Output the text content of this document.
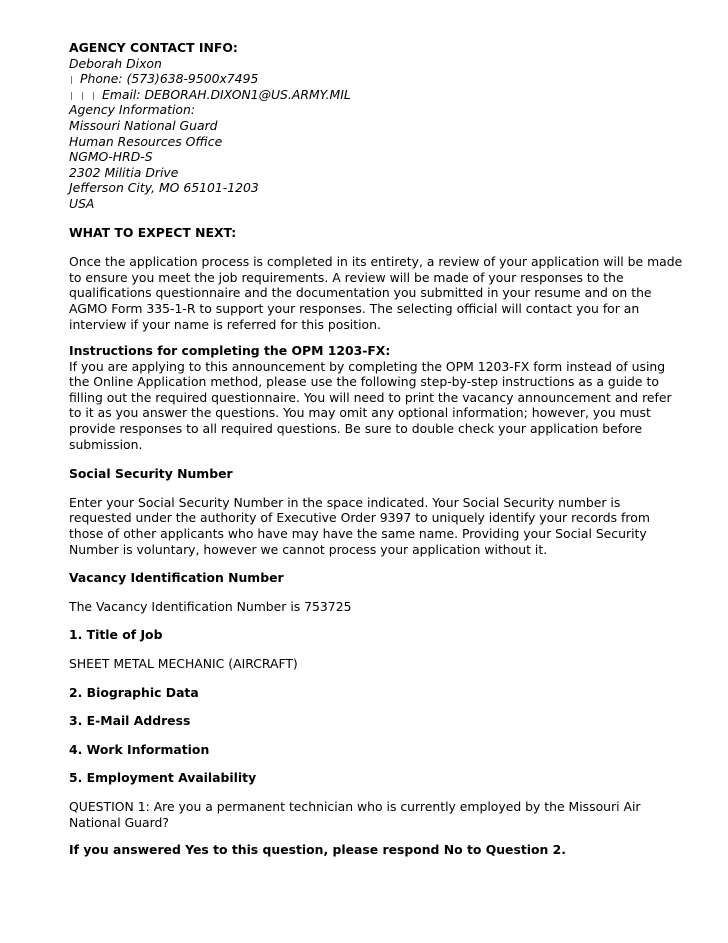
AGENCY CONTACT INFO:
Deborah Dixon
Phone: (573)638-9500x7495
Email: DEBORAH.DIXON1@US.ARMY.MIL
Agency Information:
Missouri National Guard
Human Resources Office
NGMO-HRD-S
2302 Militia Drive
Jefferson City, MO 65101-1203
USA
WHAT TO EXPECT NEXT:
Once the application process is completed in its entirety, a review of your application will be made
to ensure you meet the job requirements. A review will be made of your responses to the
qualifications questionnaire and the documentation you submitted in your resume and on the
AGMO Form 335-1-R to support your responses. The selecting official will contact you for an
interview if your name is referred for this position.
Instructions for completing the OPM 1203-FX:
If you are applying to this announcement by completing the OPM 1203-FX form instead of using
the Online Application method, please use the following step-by-step instructions as a guide to
filling out the required questionnaire. You will need to print the vacancy announcement and refer
to it as you answer the questions. You may omit any optional information; however, you must
provide responses to all required questions. Be sure to double check your application before
submission.
Social Security Number
Enter your Social Security Number in the space indicated. Your Social Security number is
requested under the authority of Executive Order 9397 to uniquely identify your records from
those of other applicants who have may have the same name. Providing your Social Security
Number is voluntary, however we cannot process your application without it.
Vacancy Identification Number
The Vacancy Identification Number is 753725
1. Title of Job
SHEET METAL MECHANIC (AIRCRAFT)
2. Biographic Data
3. E-Mail Address
4. Work Information
5. Employment Availability
QUESTION 1: Are you a permanent technician who is currently employed by the Missouri Air
National Guard?
If you answered Yes to this question, please respond No to Question 2.
